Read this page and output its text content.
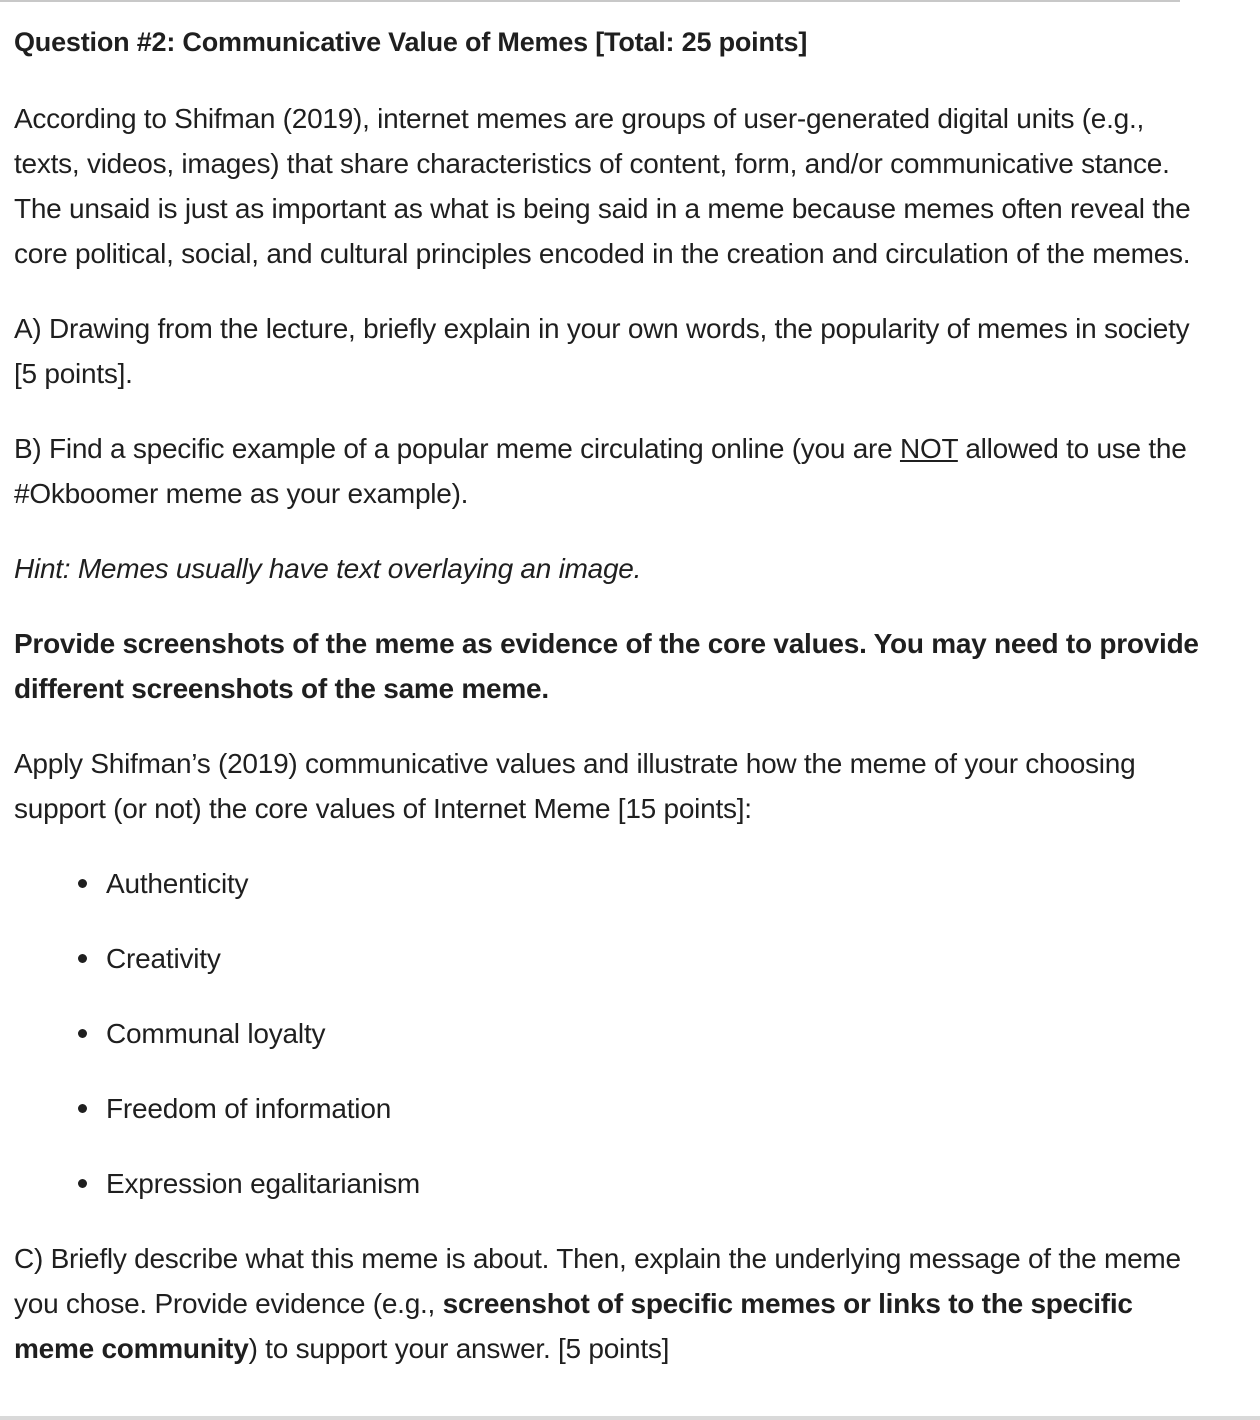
Question #2: Communicative Value of Memes [Total: 25 points]

According to Shifman (2019), internet memes are groups of user-generated digital units (e.g., texts, videos, images) that share characteristics of content, form, and/or communicative stance. The unsaid is just as important as what is being said in a meme because memes often reveal the core political, social, and cultural principles encoded in the creation and circulation of the memes.

A) Drawing from the lecture, briefly explain in your own words, the popularity of memes in society [5 points].

B) Find a specific example of a popular meme circulating online (you are NOT allowed to use the #Okboomer meme as your example).

Hint: Memes usually have text overlaying an image.

Provide screenshots of the meme as evidence of the core values. You may need to provide different screenshots of the same meme.

Apply Shifman’s (2019) communicative values and illustrate how the meme of your choosing support (or not) the core values of Internet Meme [15 points]:

Authenticity
Creativity
Communal loyalty
Freedom of information
Expression egalitarianism

C) Briefly describe what this meme is about. Then, explain the underlying message of the meme you chose. Provide evidence (e.g., screenshot of specific memes or links to the specific meme community) to support your answer. [5 points]
